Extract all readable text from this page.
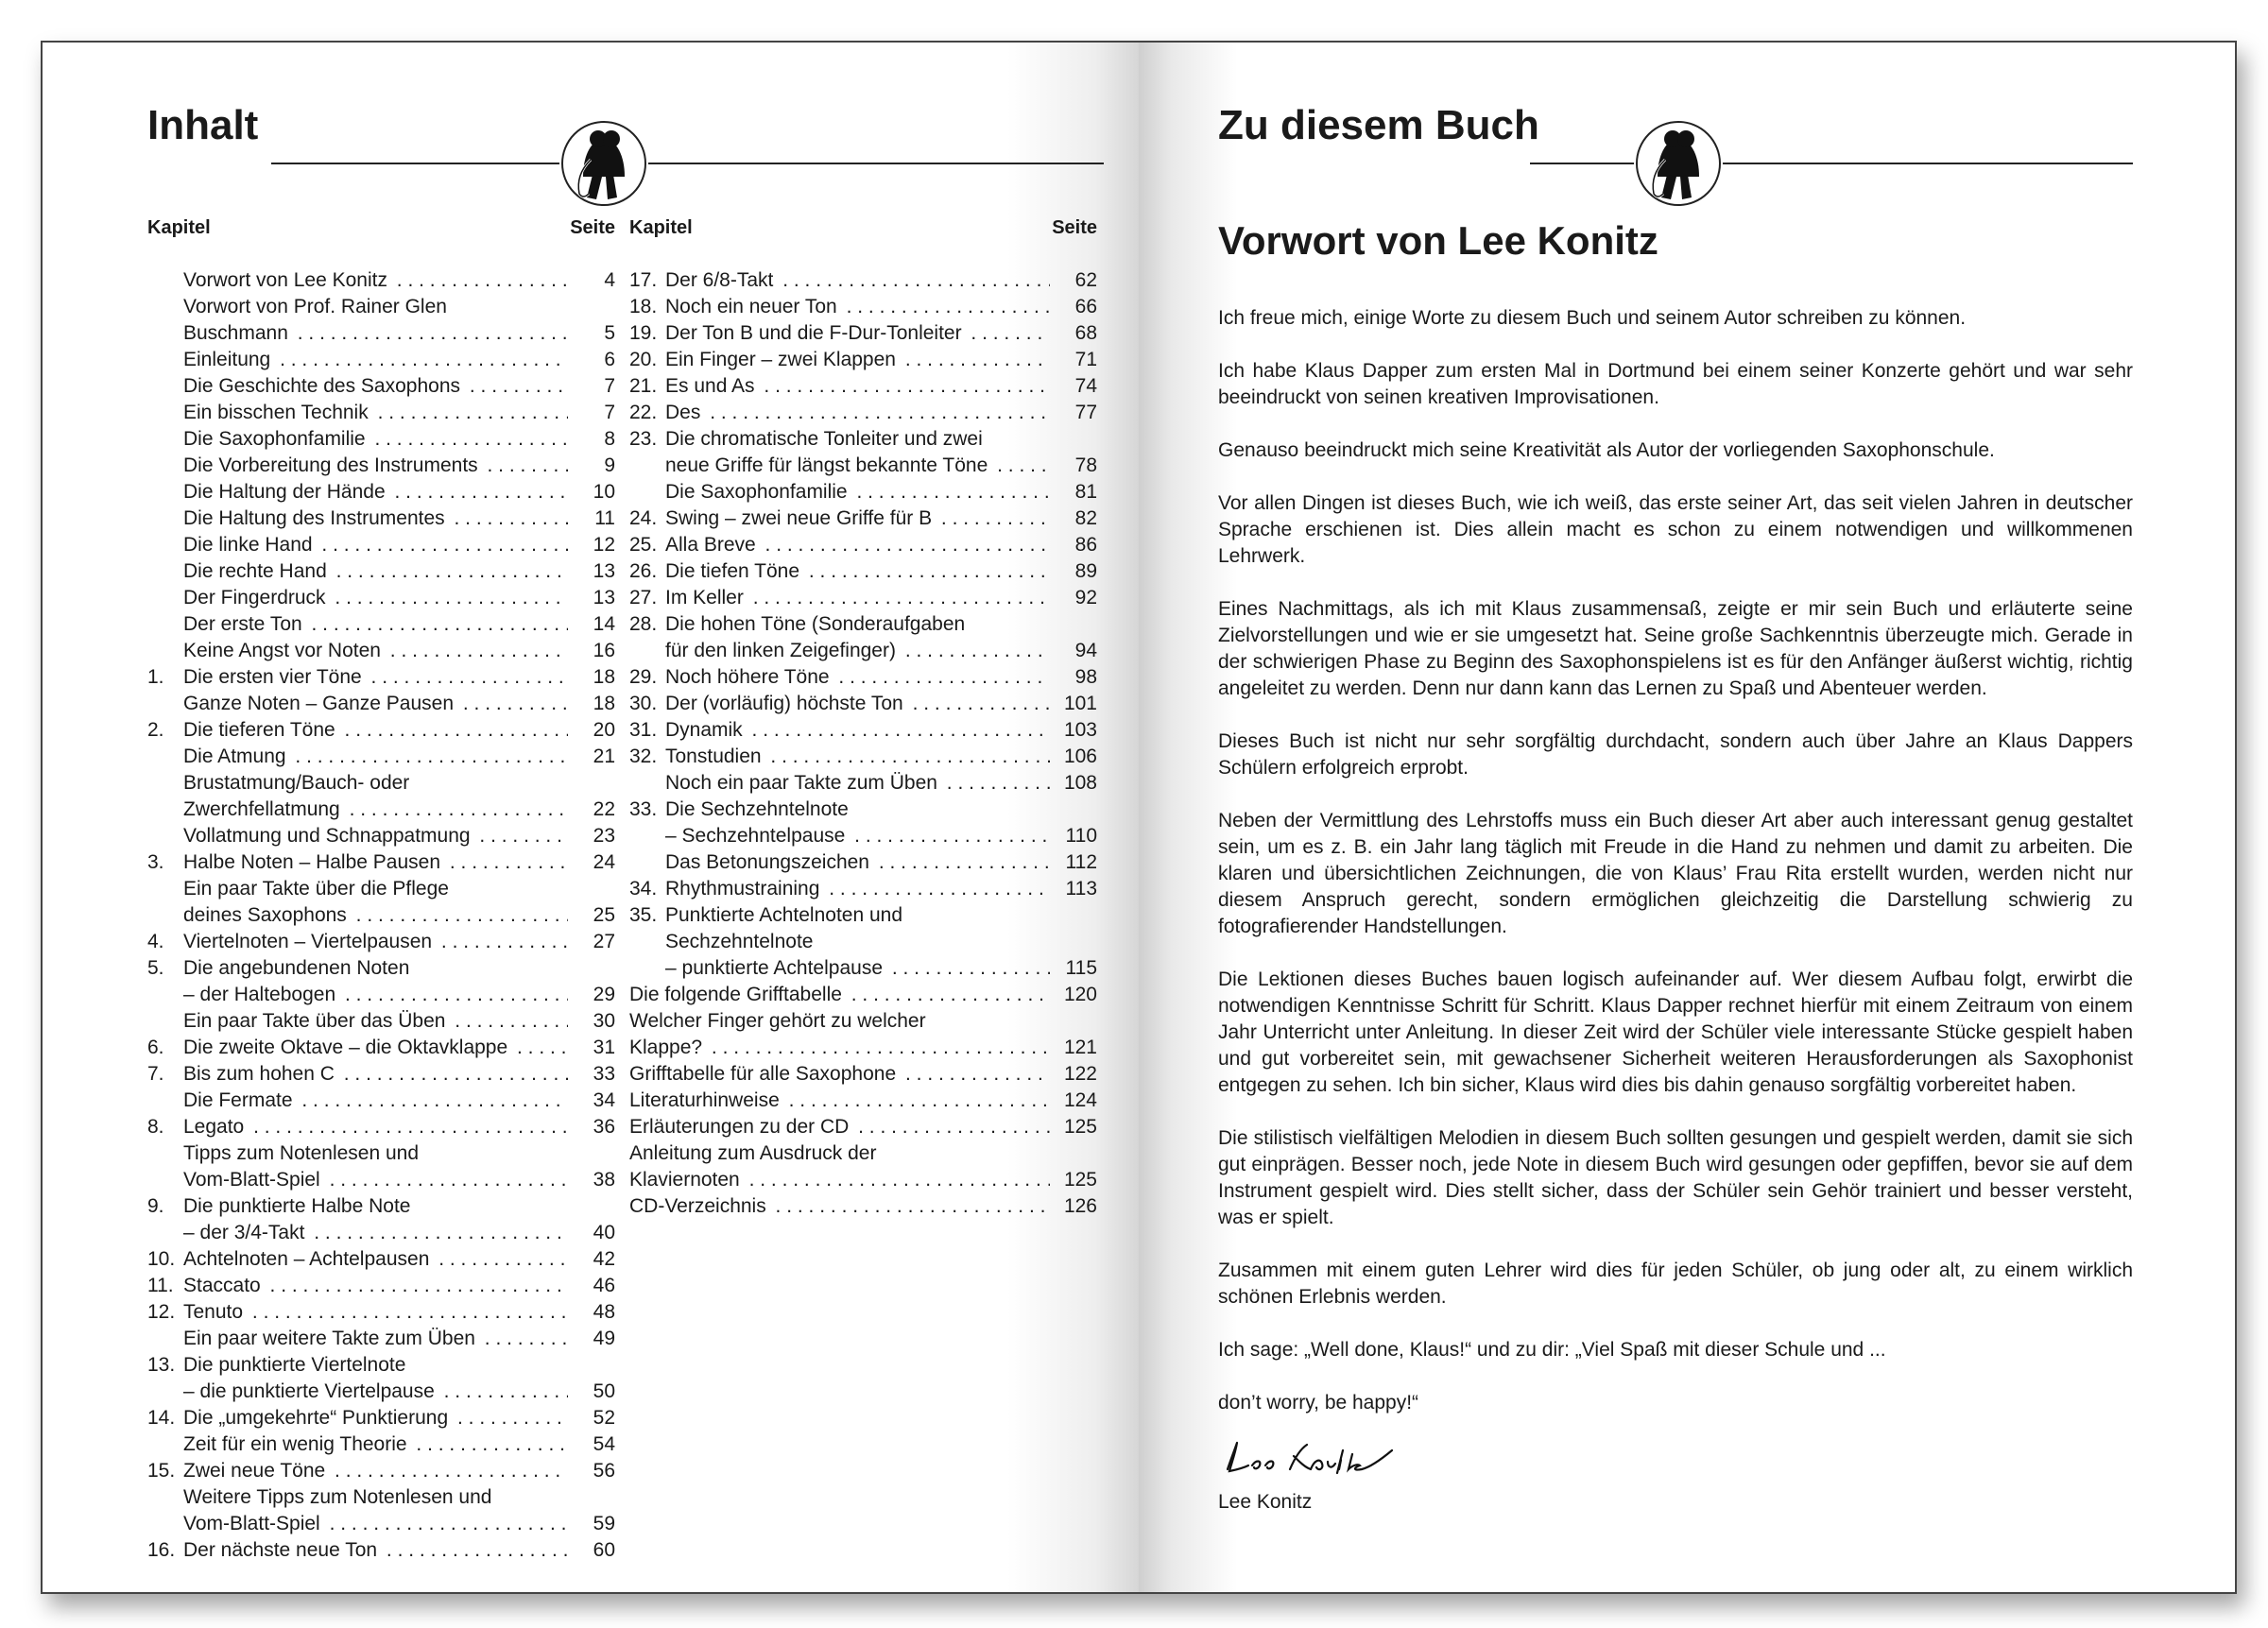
Inhalt
Kapitel	Seite
Vorwort von Lee Konitz . . .	4
Vorwort von Prof. Rainer Glen
Buschmann . . .	5
Einleitung . . .	6
Die Geschichte des Saxophons . . .	7
Ein bisschen Technik . . .	7
Die Saxophonfamilie . . .	8
Die Vorbereitung des Instruments . . .	9
Die Haltung der Hände . . .	10
Die Haltung des Instrumentes . . .	11
Die linke Hand . . .	12
Die rechte Hand . . .	13
Der Fingerdruck . . .	13
Der erste Ton . . .	14
Keine Angst vor Noten . . .	16
1. Die ersten vier Töne . . .	18
Ganze Noten – Ganze Pausen . . .	18
2. Die tieferen Töne . . .	20
Die Atmung . . .	21
Brustatmung/Bauch- oder
Zwerchfellatmung . . .	22
Vollatmung und Schnappatmung . . .	23
3. Halbe Noten – Halbe Pausen . . .	24
Ein paar Takte über die Pflege
deines Saxophons . . .	25
4. Viertelnoten – Viertelpausen . . .	27
5. Die angebundenen Noten
– der Haltebogen . . .	29
Ein paar Takte über das Üben . . .	30
6. Die zweite Oktave – die Oktavklappe . . .	31
7. Bis zum hohen C . . .	33
Die Fermate . . .	34
8. Legato . . .	36
Tipps zum Notenlesen und
Vom-Blatt-Spiel . . .	38
9. Die punktierte Halbe Note
– der 3/4-Takt . . .	40
10. Achtelnoten – Achtelpausen . . .	42
11. Staccato . . .	46
12. Tenuto . . .	48
Ein paar weitere Takte zum Üben . . .	49
13. Die punktierte Viertelnote
– die punktierte Viertelpause . . .	50
14. Die „umgekehrte“ Punktierung . . .	52
Zeit für ein wenig Theorie . . .	54
15. Zwei neue Töne . . .	56
Weitere Tipps zum Notenlesen und
Vom-Blatt-Spiel . . .	59
16. Der nächste neue Ton . . .	60
Kapitel	Seite
17. Der 6/8-Takt . . .	62
18. Noch ein neuer Ton . . .	66
19. Der Ton B und die F-Dur-Tonleiter . . .	68
20. Ein Finger – zwei Klappen . . .	71
21. Es und As . . .	74
22. Des . . .	77
23. Die chromatische Tonleiter und zwei
neue Griffe für längst bekannte Töne . . .	78
Die Saxophonfamilie . . .	81
24. Swing – zwei neue Griffe für B . . .	82
25. Alla Breve . . .	86
26. Die tiefen Töne . . .	89
27. Im Keller . . .	92
28. Die hohen Töne (Sonderaufgaben
für den linken Zeigefinger) . . .	94
29. Noch höhere Töne . . .	98
30. Der (vorläufig) höchste Ton . . .	101
31. Dynamik . . .	103
32. Tonstudien . . .	106
Noch ein paar Takte zum Üben . . .	108
33. Die Sechzehntelnote
– Sechzehntelpause . . .	110
Das Betonungszeichen . . .	112
34. Rhythmustraining . . .	113
35. Punktierte Achtelnoten und
Sechzehntelnote
– punktierte Achtelpause . . .	115
Die folgende Grifftabelle . . .	120
Welcher Finger gehört zu welcher
Klappe? . . .	121
Grifftabelle für alle Saxophone . . .	122
Literaturhinweise . . .	124
Erläuterungen zu der CD . . .	125
Anleitung zum Ausdruck der
Klaviernoten . . .	125
CD-Verzeichnis . . .	126
Zu diesem Buch
Vorwort von Lee Konitz

Ich freue mich, einige Worte zu diesem Buch und seinem Autor schreiben zu können.

Ich habe Klaus Dapper zum ersten Mal in Dortmund bei einem seiner Konzerte gehört und war sehr beeindruckt von seinen kreativen Improvisationen.

Genauso beeindruckt mich seine Kreativität als Autor der vorliegenden Saxophonschule.

Vor allen Dingen ist dieses Buch, wie ich weiß, das erste seiner Art, das seit vielen Jahren in deutscher Sprache erschienen ist. Dies allein macht es schon zu einem notwendigen und willkommenen Lehrwerk.

Eines Nachmittags, als ich mit Klaus zusammensaß, zeigte er mir sein Buch und erläuterte seine Zielvorstellungen und wie er sie umgesetzt hat. Seine große Sachkenntnis überzeugte mich. Gerade in der schwierigen Phase zu Beginn des Saxophonspielens ist es für den Anfänger äußerst wichtig, richtig angeleitet zu werden. Denn nur dann kann das Lernen zu Spaß und Abenteuer werden.

Dieses Buch ist nicht nur sehr sorgfältig durchdacht, sondern auch über Jahre an Klaus Dappers Schülern erfolgreich erprobt.

Neben der Vermittlung des Lehrstoffs muss ein Buch dieser Art aber auch interessant genug gestaltet sein, um es z. B. ein Jahr lang täglich mit Freude in die Hand zu nehmen und damit zu arbeiten. Die klaren und übersichtlichen Zeichnungen, die von Klaus’ Frau Rita erstellt wurden, werden nicht nur diesem Anspruch gerecht, sondern ermöglichen gleichzeitig die Darstellung schwierig zu fotografierender Handstellungen.

Die Lektionen dieses Buches bauen logisch aufeinander auf. Wer diesem Aufbau folgt, erwirbt die notwendigen Kenntnisse Schritt für Schritt. Klaus Dapper rechnet hierfür mit einem Zeitraum von einem Jahr Unterricht unter Anleitung. In dieser Zeit wird der Schüler viele interessante Stücke gespielt haben und gut vorbereitet sein, mit gewachsener Sicherheit weiteren Herausforderungen als Saxophonist entgegen zu sehen. Ich bin sicher, Klaus wird dies bis dahin genauso sorgfältig vorbereitet haben.

Die stilistisch vielfältigen Melodien in diesem Buch sollten gesungen und gespielt werden, damit sie sich gut einprägen. Besser noch, jede Note in diesem Buch wird gesungen oder gepfiffen, bevor sie auf dem Instrument gespielt wird. Dies stellt sicher, dass der Schüler sein Gehör trainiert und besser versteht, was er spielt.

Zusammen mit einem guten Lehrer wird dies für jeden Schüler, ob jung oder alt, zu einem wirklich schönen Erlebnis werden.

Ich sage: „Well done, Klaus!“ und zu dir: „Viel Spaß mit dieser Schule und ...

don’t worry, be happy!“

Lee Konitz
